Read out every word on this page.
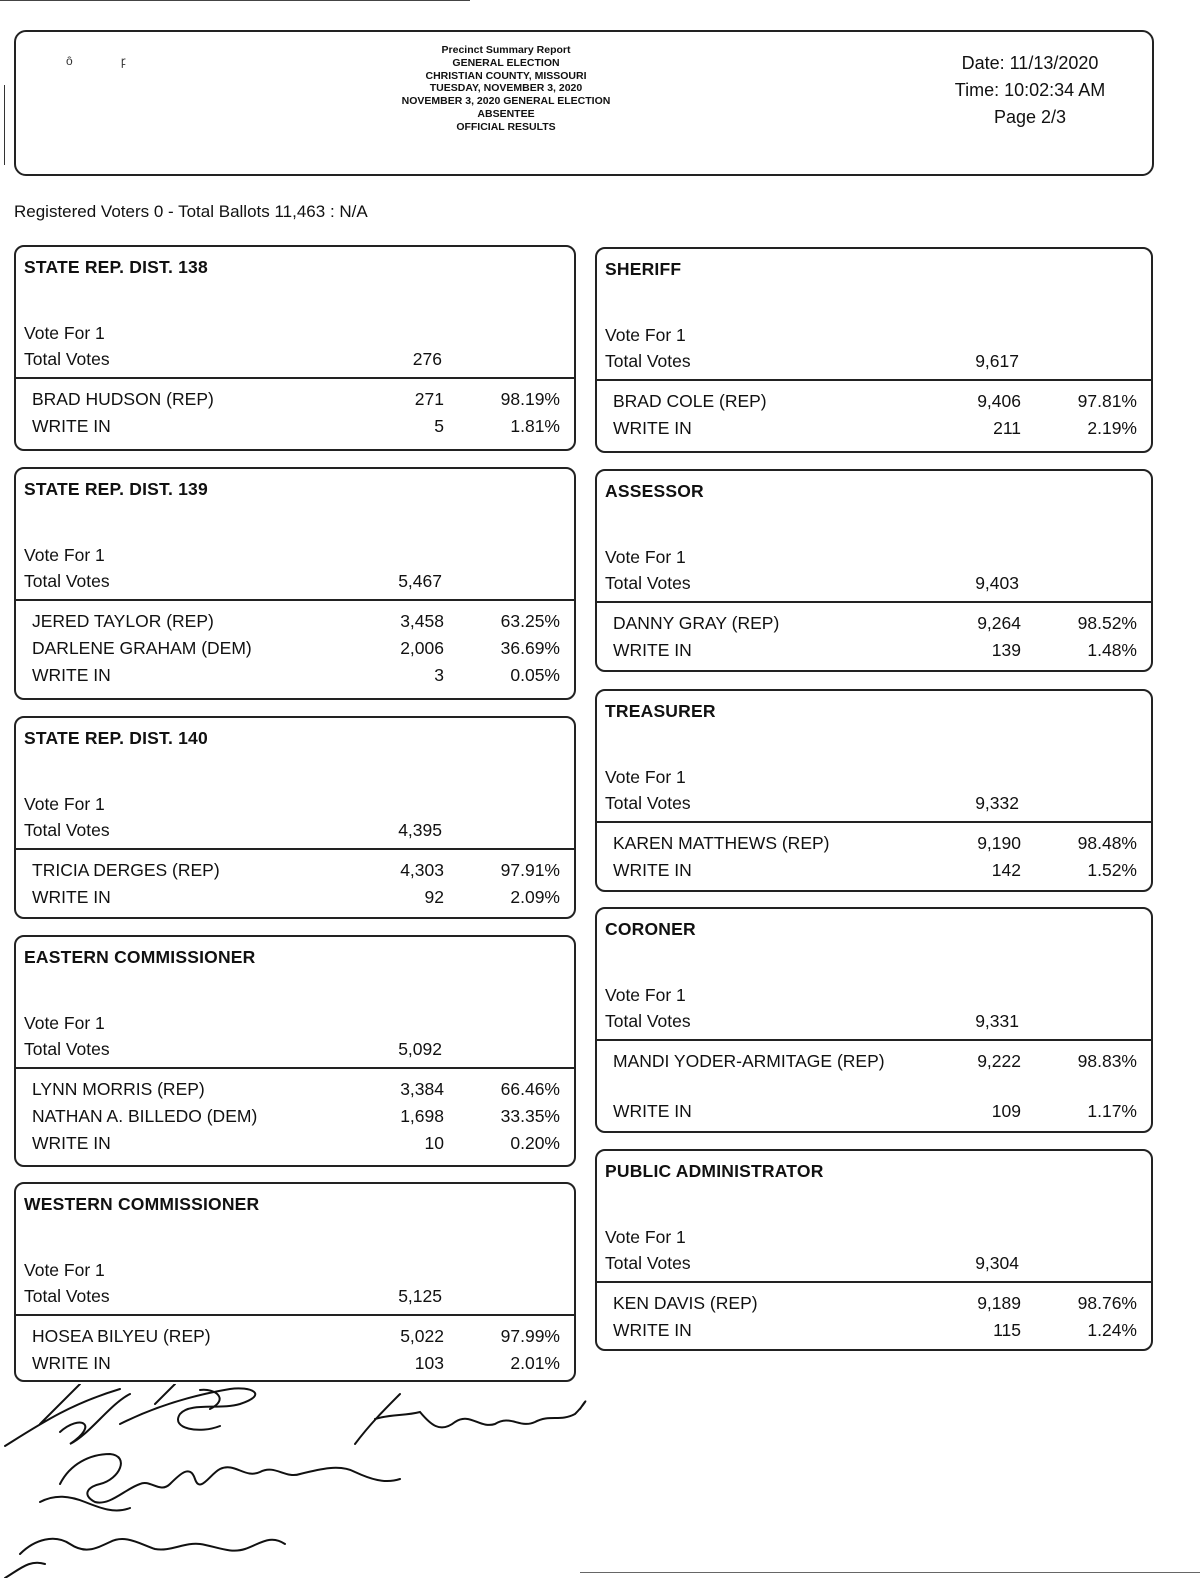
ô	ꝼ
Precinct Summary Report
GENERAL ELECTION
CHRISTIAN COUNTY, MISSOURI
TUESDAY, NOVEMBER 3, 2020
NOVEMBER 3, 2020 GENERAL ELECTION
ABSENTEE
OFFICIAL RESULTS
Date: 11/13/2020
Time: 10:02:34 AM
Page 2/3
Registered Voters 0 - Total Ballots 11,463 : N/A
STATE REP. DIST. 138
Vote For 1
Total Votes	276
BRAD HUDSON (REP)	271	98.19%
WRITE IN	5	1.81%
STATE REP. DIST. 139
Vote For 1
Total Votes	5,467
JERED TAYLOR (REP)	3,458	63.25%
DARLENE GRAHAM (DEM)	2,006	36.69%
WRITE IN	3	0.05%
STATE REP. DIST. 140
Vote For 1
Total Votes	4,395
TRICIA DERGES (REP)	4,303	97.91%
WRITE IN	92	2.09%
EASTERN COMMISSIONER
Vote For 1
Total Votes	5,092
LYNN MORRIS (REP)	3,384	66.46%
NATHAN A. BILLEDO (DEM)	1,698	33.35%
WRITE IN	10	0.20%
WESTERN COMMISSIONER
Vote For 1
Total Votes	5,125
HOSEA BILYEU (REP)	5,022	97.99%
WRITE IN	103	2.01%
SHERIFF
Vote For 1
Total Votes	9,617
BRAD COLE (REP)	9,406	97.81%
WRITE IN	211	2.19%
ASSESSOR
Vote For 1
Total Votes	9,403
DANNY GRAY (REP)	9,264	98.52%
WRITE IN	139	1.48%
TREASURER
Vote For 1
Total Votes	9,332
KAREN MATTHEWS (REP)	9,190	98.48%
WRITE IN	142	1.52%
CORONER
Vote For 1
Total Votes	9,331
MANDI YODER-ARMITAGE (REP)	9,222	98.83%
WRITE IN	109	1.17%
PUBLIC ADMINISTRATOR
Vote For 1
Total Votes	9,304
KEN DAVIS (REP)	9,189	98.76%
WRITE IN	115	1.24%
